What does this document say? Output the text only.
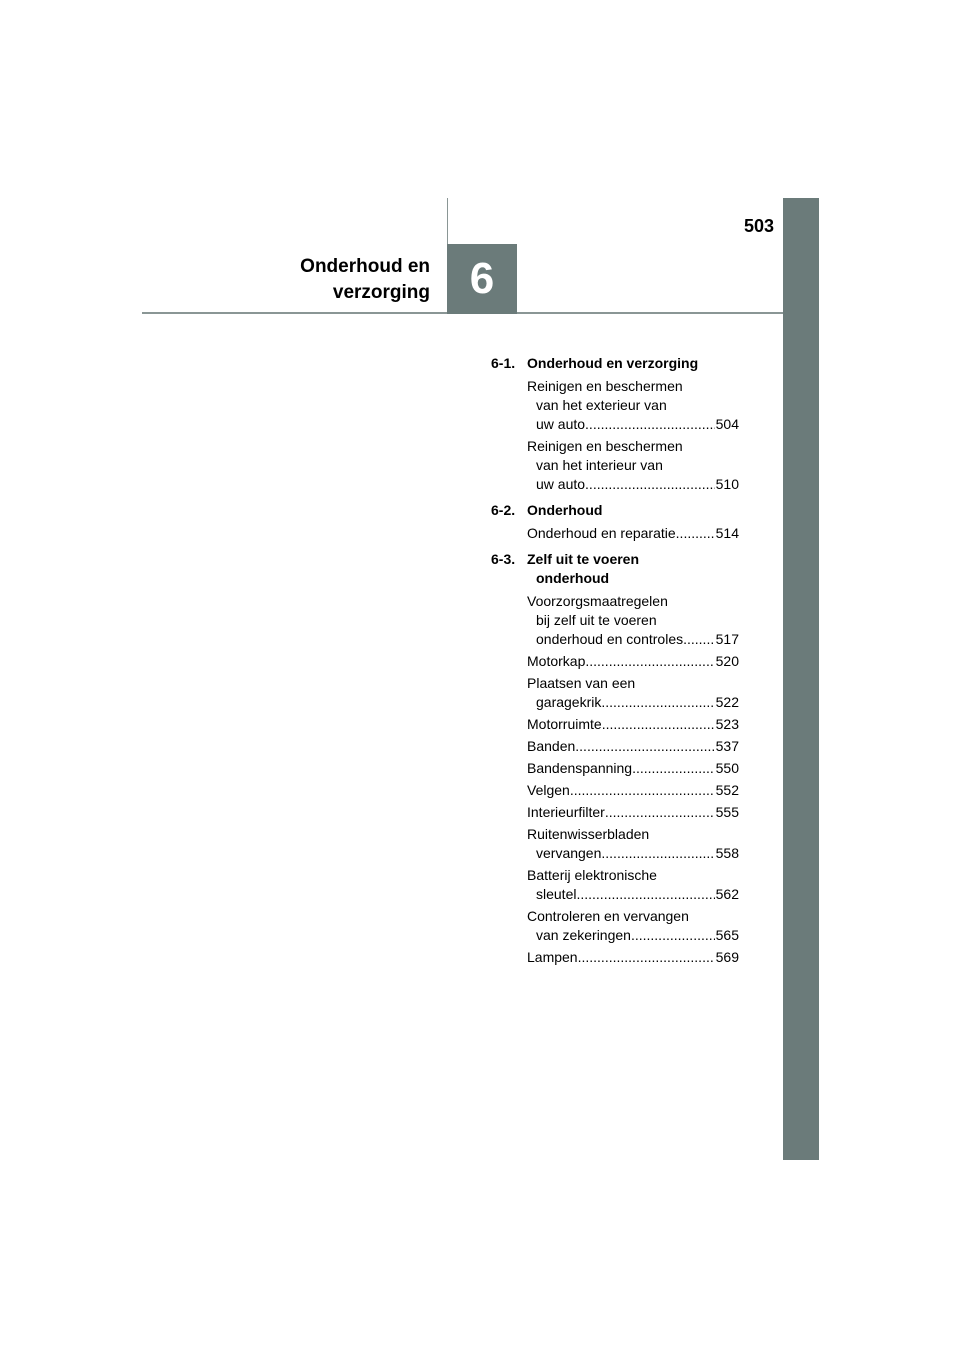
503
Onderhoud en
verzorging 6
6-1. Onderhoud en verzorging
Reinigen en beschermen
van het exterieur van
uw auto .....	504
Reinigen en beschermen
van het interieur van
uw auto .....	510
6-2. Onderhoud
Onderhoud en reparatie .....	514
6-3. Zelf uit te voeren
onderhoud
Voorzorgsmaatregelen
bij zelf uit te voeren
onderhoud en controles ..... 517
Motorkap .....	520
Plaatsen van een
garagekrik .....	522
Motorruimte .....	523
Banden .....	537
Bandenspanning .....	550
Velgen .....	552
Interieurfilter .....	555
Ruitenwisserbladen
vervangen .....	558
Batterij elektronische
sleutel .....	562
Controleren en vervangen
van zekeringen .....	565
Lampen .....	569
